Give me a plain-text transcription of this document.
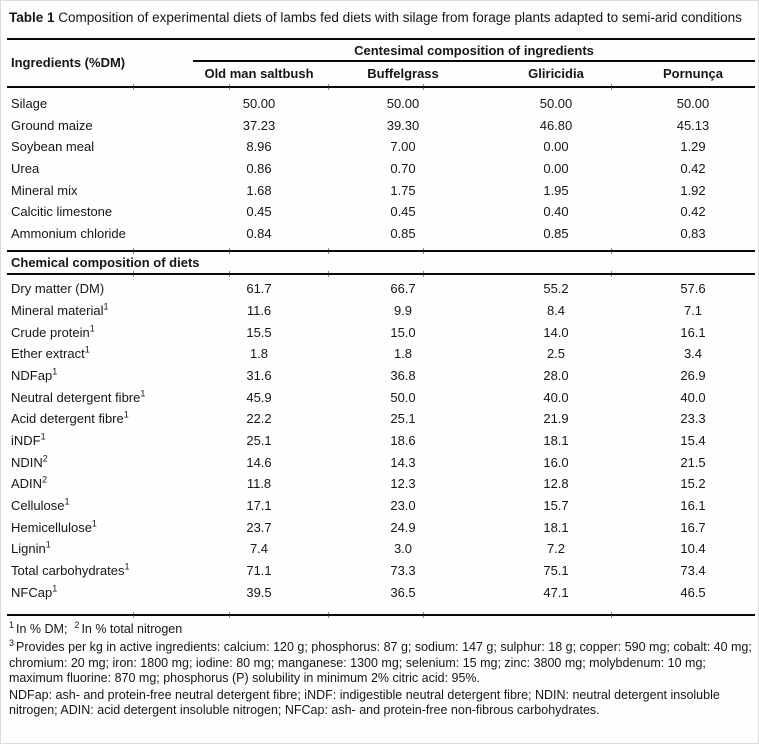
Table 1 Composition of experimental diets of lambs fed diets with silage from forage plants adapted to semi-arid conditions

Ingredients (%DM)
Centesimal composition of ingredients
Old man saltbush	Buffelgrass	Gliricidia	Pornunça
Silage	50.00	50.00	50.00	50.00
Ground maize	37.23	39.30	46.80	45.13
Soybean meal	8.96	7.00	0.00	1.29
Urea	0.86	0.70	0.00	0.42
Mineral mix	1.68	1.75	1.95	1.92
Calcitic limestone	0.45	0.45	0.40	0.42
Ammonium chloride	0.84	0.85	0.85	0.83
Chemical composition of diets
Dry matter (DM)	61.7	66.7	55.2	57.6
Mineral material$^1$	11.6	9.9	8.4	7.1
Crude protein$^1$	15.5	15.0	14.0	16.1
Ether extract$^1$	1.8	1.8	2.5	3.4
NDFap$^1$	31.6	36.8	28.0	26.9
Neutral detergent fibre$^1$	45.9	50.0	40.0	40.0
Acid detergent fibre$^1$	22.2	25.1	21.9	23.3
iNDF$^1$	25.1	18.6	18.1	15.4
NDIN$^2$	14.6	14.3	16.0	21.5
ADIN$^2$	11.8	12.3	12.8	15.2
Cellulose$^1$	17.1	23.0	15.7	16.1
Hemicellulose$^1$	23.7	24.9	18.1	16.7
Lignin$^1$	7.4	3.0	7.2	10.4
Total carbohydrates$^1$	71.1	73.3	75.1	73.4
NFCap$^1$	39.5	36.5	47.1	46.5

$^1$ In % DM; $^2$ In % total nitrogen

$^3$ Provides per kg in active ingredients: calcium: 120 g; phosphorus: 87 g; sodium: 147 g; sulphur: 18 g; copper: 590 mg; cobalt: 40 mg; chromium: 20 mg; iron: 1800 mg; iodine: 80 mg; manganese: 1300 mg; selenium: 15 mg; zinc: 3800 mg; molybdenum: 10 mg; maximum fluorine: 870 mg; phosphorus (P) solubility in minimum 2% citric acid: 95%.

NDFap: ash- and protein-free neutral detergent fibre; iNDF: indigestible neutral detergent fibre; NDIN: neutral detergent insoluble nitrogen; ADIN: acid detergent insoluble nitrogen; NFCap: ash- and protein-free non-fibrous carbohydrates.
